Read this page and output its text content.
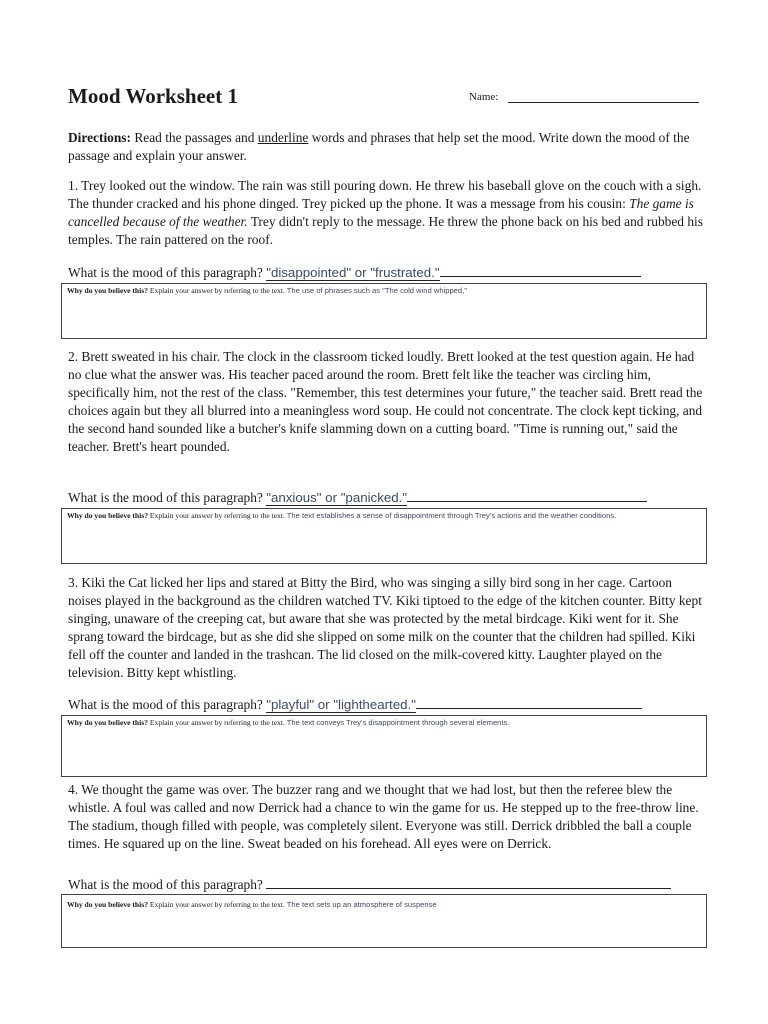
Mood Worksheet 1	Name:
Directions: Read the passages and underline words and phrases that help set the mood. Write down the mood of the passage and explain your answer.
1. Trey looked out the window. The rain was still pouring down. He threw his baseball glove on the couch with a sigh. The thunder cracked and his phone dinged. Trey picked up the phone. It was a message from his cousin: The game is cancelled because of the weather. Trey didn't reply to the message. He threw the phone back on his bed and rubbed his temples. The rain pattered on the roof.
What is the mood of this paragraph? "disappointed" or "frustrated."
Why do you believe this? Explain your answer by referring to the text. The use of phrases such as "The cold wind whipped,"
2. Brett sweated in his chair. The clock in the classroom ticked loudly. Brett looked at the test question again. He had no clue what the answer was. His teacher paced around the room. Brett felt like the teacher was circling him, specifically him, not the rest of the class. "Remember, this test determines your future," the teacher said. Brett read the choices again but they all blurred into a meaningless word soup. He could not concentrate. The clock kept ticking, and the second hand sounded like a butcher's knife slamming down on a cutting board. "Time is running out," said the teacher. Brett's heart pounded.
What is the mood of this paragraph? "anxious" or "panicked."
Why do you believe this? Explain your answer by referring to the text. The text establishes a sense of disappointment through Trey's actions and the weather conditions.
3. Kiki the Cat licked her lips and stared at Bitty the Bird, who was singing a silly bird song in her cage. Cartoon noises played in the background as the children watched TV. Kiki tiptoed to the edge of the kitchen counter. Bitty kept singing, unaware of the creeping cat, but aware that she was protected by the metal birdcage. Kiki went for it. She sprang toward the birdcage, but as she did she slipped on some milk on the counter that the children had spilled. Kiki fell off the counter and landed in the trashcan. The lid closed on the milk-covered kitty. Laughter played on the television. Bitty kept whistling.
What is the mood of this paragraph? "playful" or "lighthearted."
Why do you believe this? Explain your answer by referring to the text. The text conveys Trey's disappointment through several elements.
4. We thought the game was over. The buzzer rang and we thought that we had lost, but then the referee blew the whistle. A foul was called and now Derrick had a chance to win the game for us. He stepped up to the free-throw line. The stadium, though filled with people, was completely silent. Everyone was still. Derrick dribbled the ball a couple times. He squared up on the line. Sweat beaded on his forehead. All eyes were on Derrick.
What is the mood of this paragraph?
Why do you believe this? Explain your answer by referring to the text. The text sets up an atmosphere of suspense
